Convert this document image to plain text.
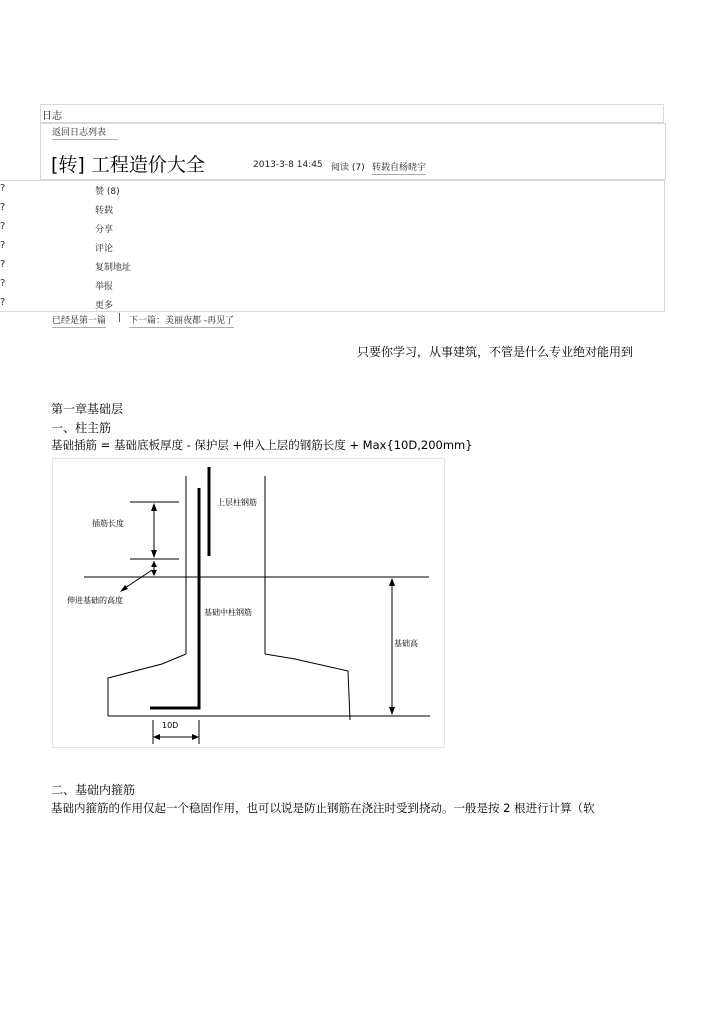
日志
返回日志列表
[转] 工程造价大全	2013-3-8 14:45 阅读 (7) 转载自杨晓宇
?	赞 (8)
?	转载
?	分享
?	评论
?	复制地址
?	举报
?	更多
已经是第一篇 | 下一篇：美丽夜都 -再见了
只要你学习，从事建筑，不管是什么专业绝对能用到
第一章基础层
一、柱主筋
基础插筋 = 基础底板厚度 - 保护层 +伸入上层的钢筋长度 + Max{10D,200mm}
插筋长度
上层柱钢筋
伸进基础的高度
基础中柱钢筋
基础高
10D
二、基础内箍筋
基础内箍筋的作用仅起一个稳固作用，也可以说是防止钢筋在浇注时受到挠动。一般是按 2 根进行计算（软
